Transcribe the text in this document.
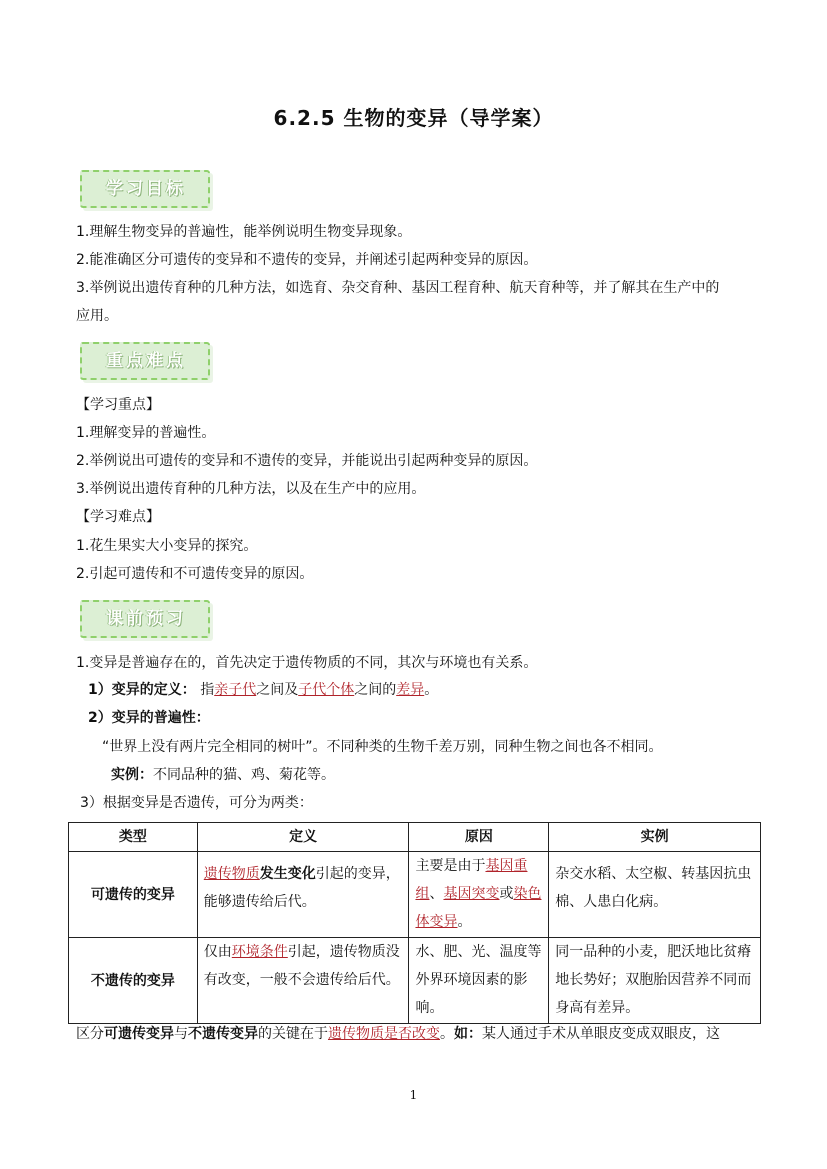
6.2.5 生物的变异（导学案）
学习目标
1.理解生物变异的普遍性，能举例说明生物变异现象。
2.能准确区分可遗传的变异和不遗传的变异，并阐述引起两种变异的原因。
3.举例说出遗传育种的几种方法，如选育、杂交育种、基因工程育种、航天育种等，并了解其在生产中的
应用。
重点难点
【学习重点】
1.理解变异的普遍性。
2.举例说出可遗传的变异和不遗传的变异，并能说出引起两种变异的原因。
3.举例说出遗传育种的几种方法，以及在生产中的应用。
【学习难点】
1.花生果实大小变异的探究。
2.引起可遗传和不可遗传变异的原因。
课前预习
1.变异是普遍存在的，首先决定于遗传物质的不同，其次与环境也有关系。
1）变异的定义： 指亲子代之间及子代个体之间的差异。
2）变异的普遍性：
“世界上没有两片完全相同的树叶”。不同种类的生物千差万别，同种生物之间也各不相同。
实例：不同品种的猫、鸡、菊花等。
3）根据变异是否遗传，可分为两类：
类型	定义	原因	实例
可遗传的变异	遗传物质发生变化引起的变异，能够遗传给后代。	主要是由于基因重组、基因突变或染色体变异。	杂交水稻、太空椒、转基因抗虫棉、人患白化病。
不遗传的变异	仅由环境条件引起，遗传物质没有改变，一般不会遗传给后代。	水、肥、光、温度等外界环境因素的影响。	同一品种的小麦，肥沃地比贫瘠地长势好；双胞胎因营养不同而身高有差异。
区分可遗传变异与不遗传变异的关键在于遗传物质是否改变。如：某人通过手术从单眼皮变成双眼皮，这
1
